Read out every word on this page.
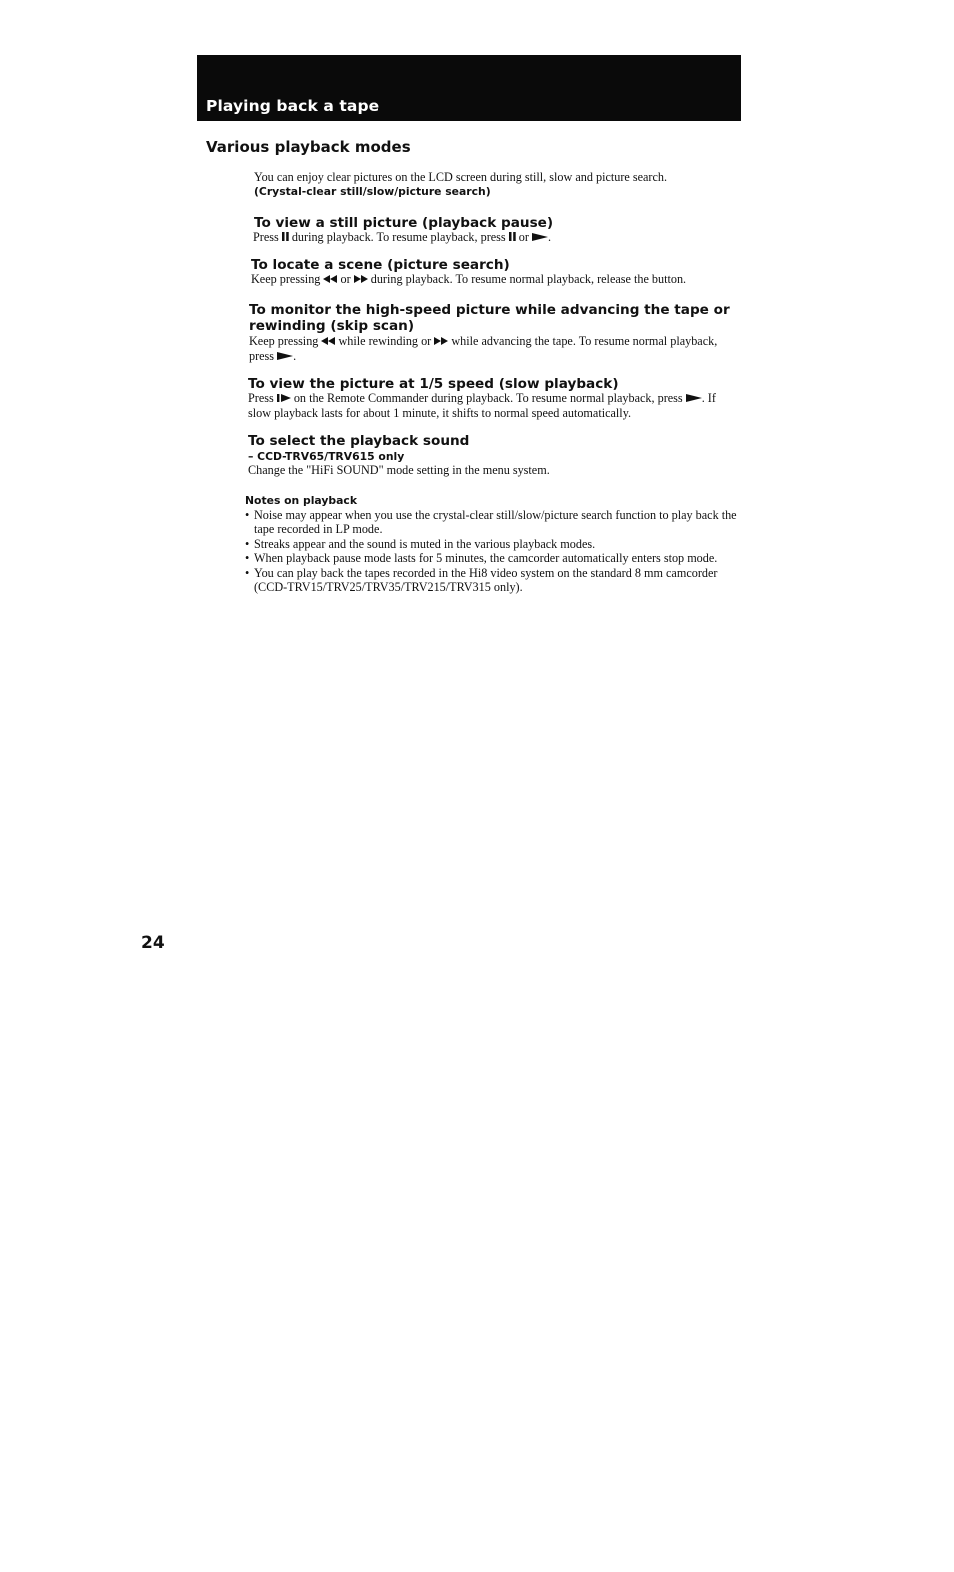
Playing back a tape
Various playback modes
You can enjoy clear pictures on the LCD screen during still, slow and picture search.
(Crystal-clear still/slow/picture search)
To view a still picture (playback pause)

Press during playback. To resume playback, press or .

To locate a scene (picture search)

Keep pressing or during playback. To resume normal playback, release the button.

To monitor the high-speed picture while advancing the tape or rewinding (skip scan)

Keep pressing while rewinding or while advancing the tape. To resume normal playback, press .

To view the picture at 1/5 speed (slow playback)

Press on the Remote Commander during playback. To resume normal playback, press . If slow playback lasts for about 1 minute, it shifts to normal speed automatically.

To select the playback sound
– CCD-TRV65/TRV615 only

Change the "HiFi SOUND" mode setting in the menu system.

Notes on playback
• Noise may appear when you use the crystal-clear still/slow/picture search function to play back the tape recorded in LP mode.
• Streaks appear and the sound is muted in the various playback modes.
• When playback pause mode lasts for 5 minutes, the camcorder automatically enters stop mode.
• You can play back the tapes recorded in the Hi8 video system on the standard 8 mm camcorder (CCD-TRV15/TRV25/TRV35/TRV215/TRV315 only).
24
